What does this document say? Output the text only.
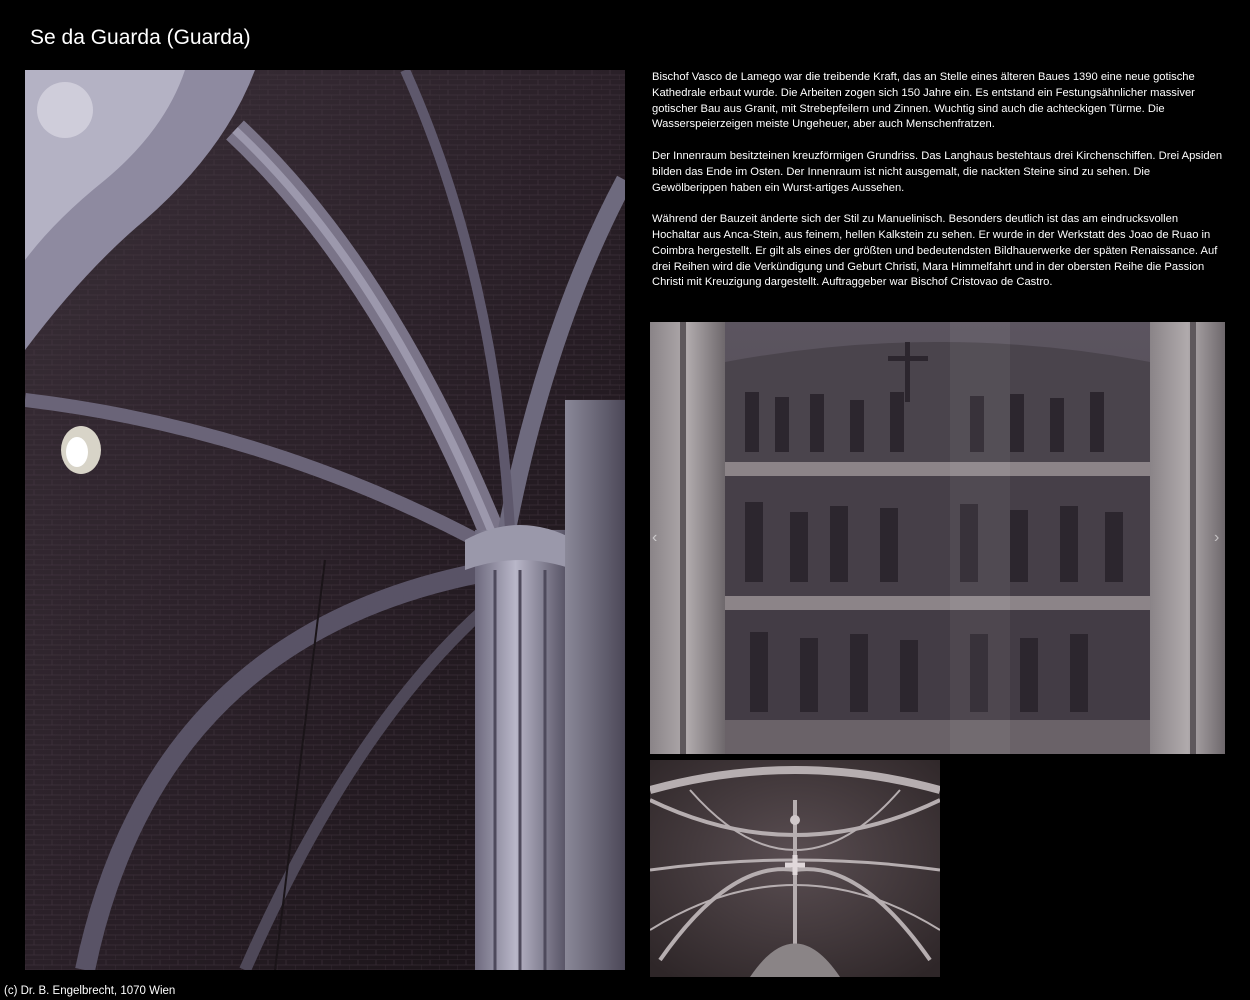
Se da Guarda (Guarda)

Bischof Vasco de Lamego war die treibende Kraft, das an Stelle eines älteren Baues 1390 eine neue gotische Kathedrale erbaut wurde. Die Arbeiten zogen sich 150 Jahre ein. Es entstand ein Festungsähnlicher massiver gotischer Bau aus Granit, mit Strebepfeilern und Zinnen. Wuchtig sind auch die achteckigen Türme. Die Wasserspeierzeigen meiste Ungeheuer, aber auch Menschenfratzen.

Der Innenraum besitzteinen kreuzförmigen Grundriss. Das Langhaus bestehtaus drei Kirchenschiffen. Drei Apsiden bilden das Ende im Osten. Der Innenraum ist nicht ausgemalt, die nackten Steine sind zu sehen. Die Gewölberippen haben ein Wurst-artiges Aussehen.

Während der Bauzeit änderte sich der Stil zu Manuelinisch. Besonders deutlich ist das am eindrucksvollen Hochaltar aus Anca-Stein, aus feinem, hellen Kalkstein zu sehen. Er wurde in der Werkstatt des Joao de Ruao in Coimbra hergestellt. Er gilt als eines der größten und bedeutendsten Bildhauerwerke der späten Renaissance. Auf drei Reihen wird die Verkündigung und Geburt Christi, Mara Himmelfahrt und in der obersten Reihe die Passion Christi mit Kreuzigung dargestellt. Auftraggeber war Bischof Cristovao de Castro.

‹	›
(c) Dr. B. Engelbrecht, 1070 Wien
